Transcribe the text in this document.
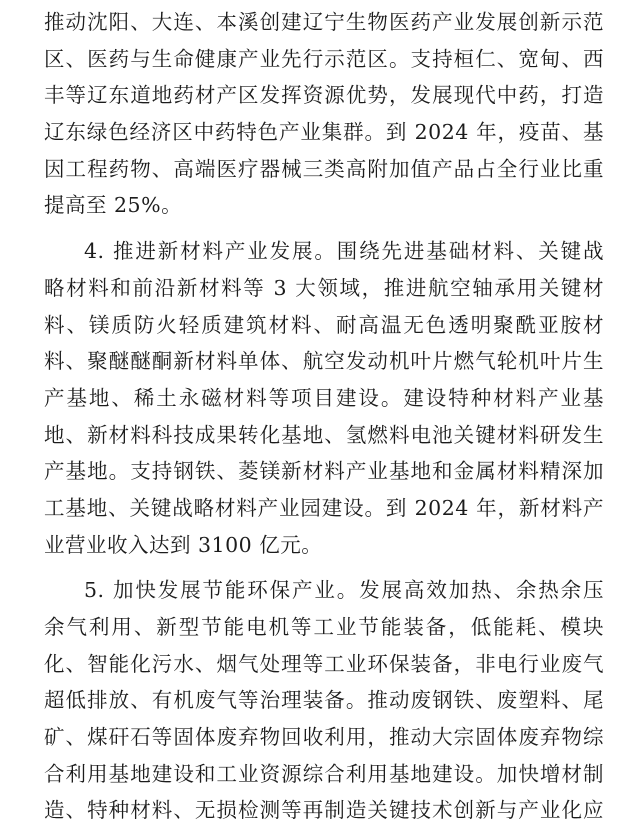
推动沈阳、大连、本溪创建辽宁生物医药产业发展创新示范
区、医药与生命健康产业先行示范区。支持桓仁、宽甸、西
丰等辽东道地药材产区发挥资源优势，发展现代中药，打造
辽东绿色经济区中药特色产业集群。到 2024 年，疫苗、基
因工程药物、高端医疗器械三类高附加值产品占全行业比重
提高至 25%。
4. 推进新材料产业发展。围绕先进基础材料、关键战
略材料和前沿新材料等 3 大领域，推进航空轴承用关键材
料、镁质防火轻质建筑材料、耐高温无色透明聚酰亚胺材
料、聚醚醚酮新材料单体、航空发动机叶片燃气轮机叶片生
产基地、稀土永磁材料等项目建设。建设特种材料产业基
地、新材料科技成果转化基地、氢燃料电池关键材料研发生
产基地。支持钢铁、菱镁新材料产业基地和金属材料精深加
工基地、关键战略材料产业园建设。到 2024 年，新材料产
业营业收入达到 3100 亿元。
5. 加快发展节能环保产业。发展高效加热、余热余压
余气利用、新型节能电机等工业节能装备，低能耗、模块
化、智能化污水、烟气处理等工业环保装备，非电行业废气
超低排放、有机废气等治理装备。推动废钢铁、废塑料、尾
矿、煤矸石等固体废弃物回收利用，推动大宗固体废弃物综
合利用基地建设和工业资源综合利用基地建设。加快增材制
造、特种材料、无损检测等再制造关键技术创新与产业化应
